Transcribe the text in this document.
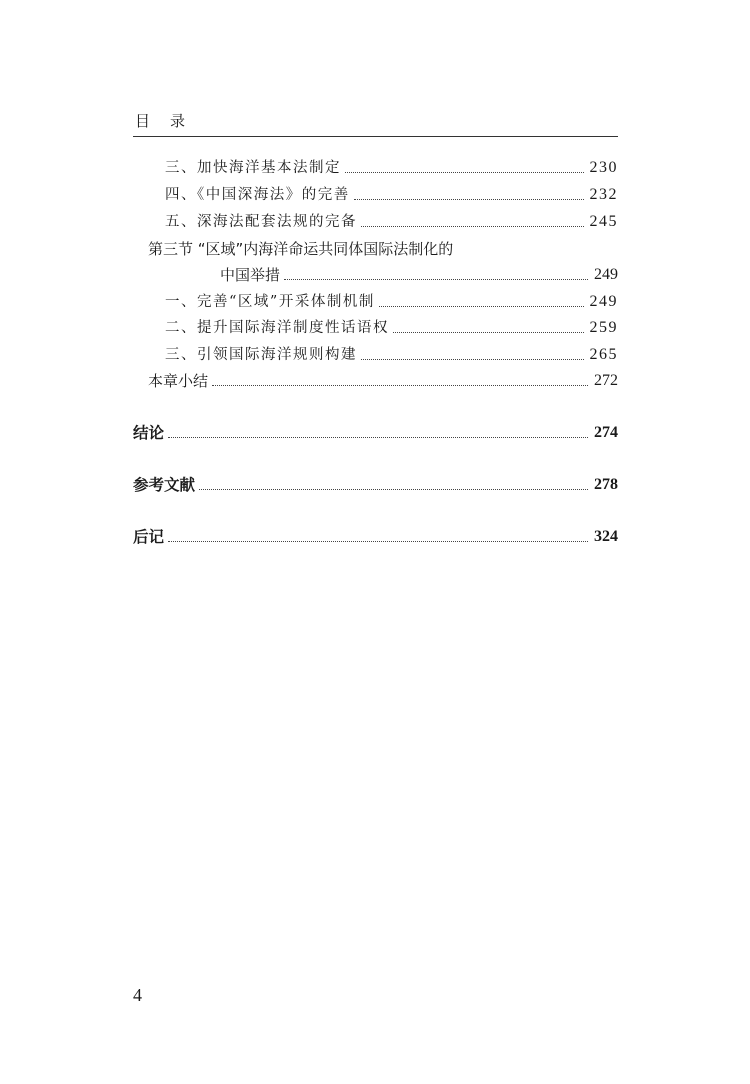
目录
三、加快海洋基本法制定	230
四、《中国深海法》的完善	232
五、深海法配套法规的完备	245
第三节 “区域”内海洋命运共同体国际法制化的
中国举措	249
一、完善“区域”开采体制机制	249
二、提升国际海洋制度性话语权	259
三、引领国际海洋规则构建	265
本章小结	272
结论	274
参考文献	278
后记	324
4
